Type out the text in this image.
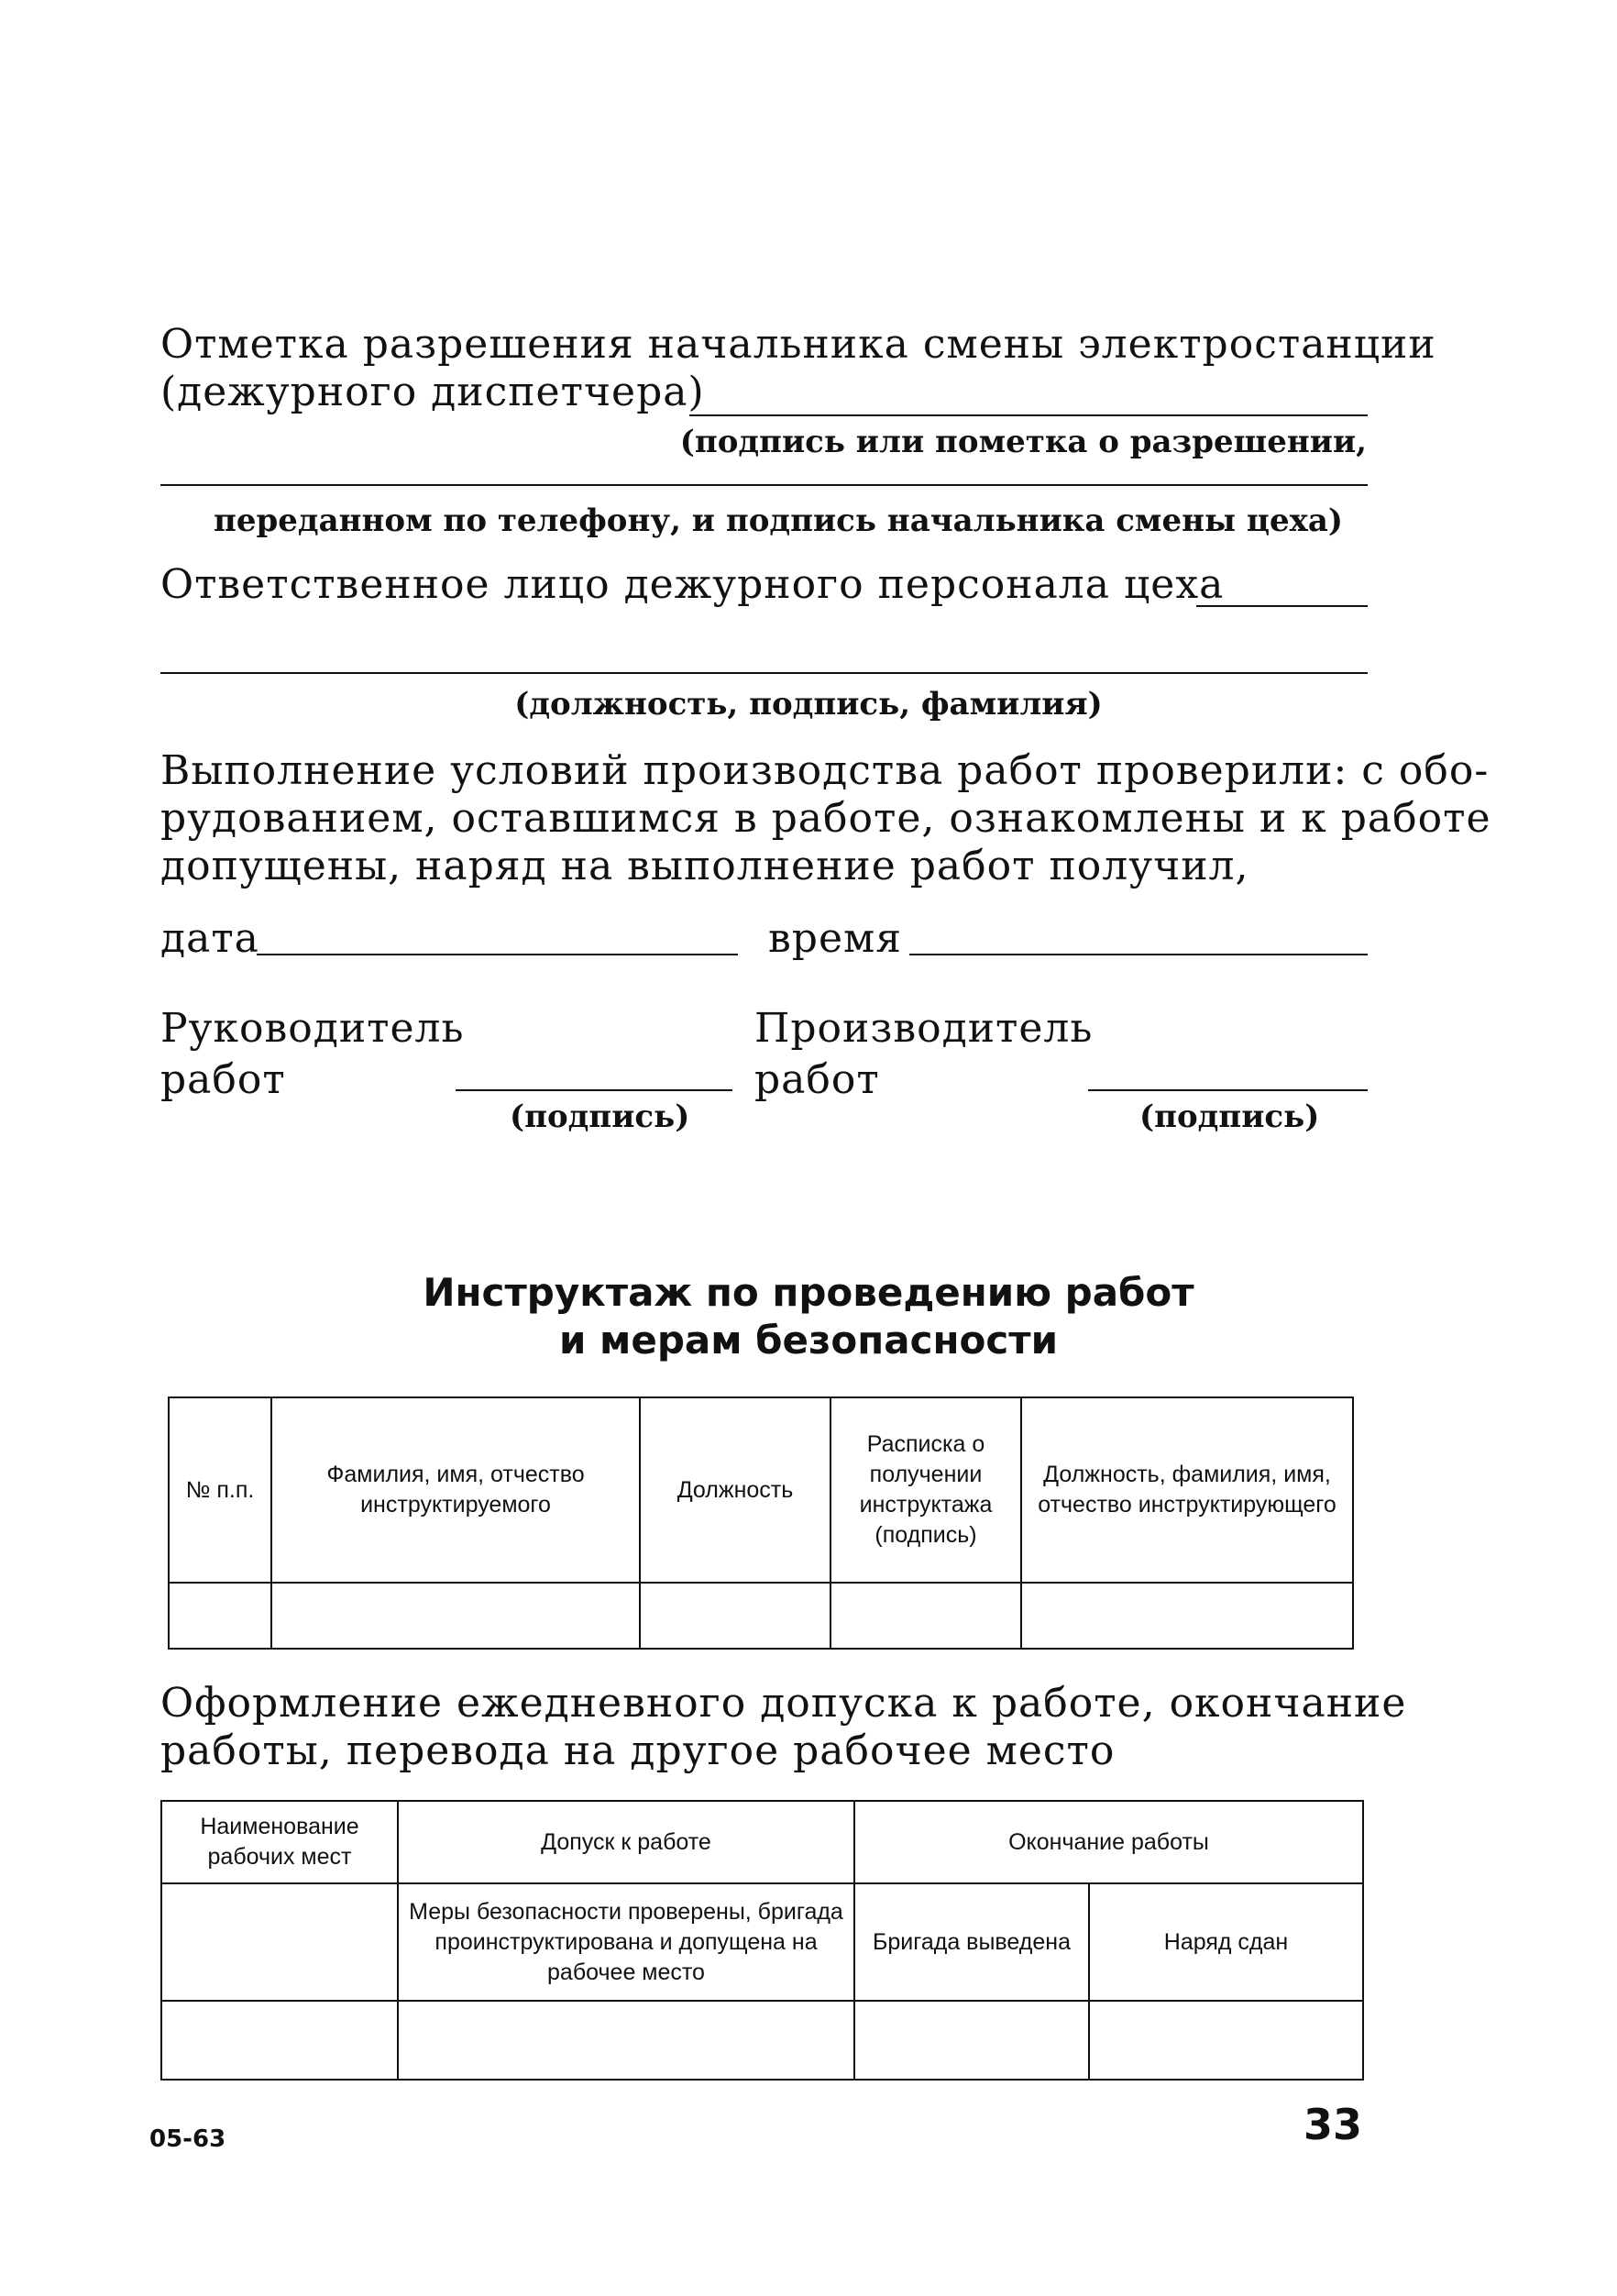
Отметка разрешения начальника смены электростанции
(дежурного диспетчера)
(подпись или пометка о разрешении,
переданном по телефону, и подпись начальника смены цеха)
Ответственное лицо дежурного персонала цеха
(должность, подпись, фамилия)
Выполнение условий производства работ проверили: с обо-
рудованием, оставшимся в работе, ознакомлены и к работе
допущены, наряд на выполнение работ получил,
дата	время
Руководитель
работ
(подпись)
Производитель
работ
(подпись)
Инструктаж по проведению работ
и мерам безопасности
№ п.п.	Фамилия, имя, отчество инструктируемого	Должность	Расписка о получении инструктажа (подпись)	Должность, фамилия, имя, отчество инструктирующего

Оформление ежедневного допуска к работе, окончание
работы, перевода на другое рабочее место
Наименование рабочих мест	Допуск к работе	Окончание работы	
	Меры безопасности проверены, бригада проинструктирована и допущена на рабочее место	Бригада выведена	Наряд сдан

05-63	33
